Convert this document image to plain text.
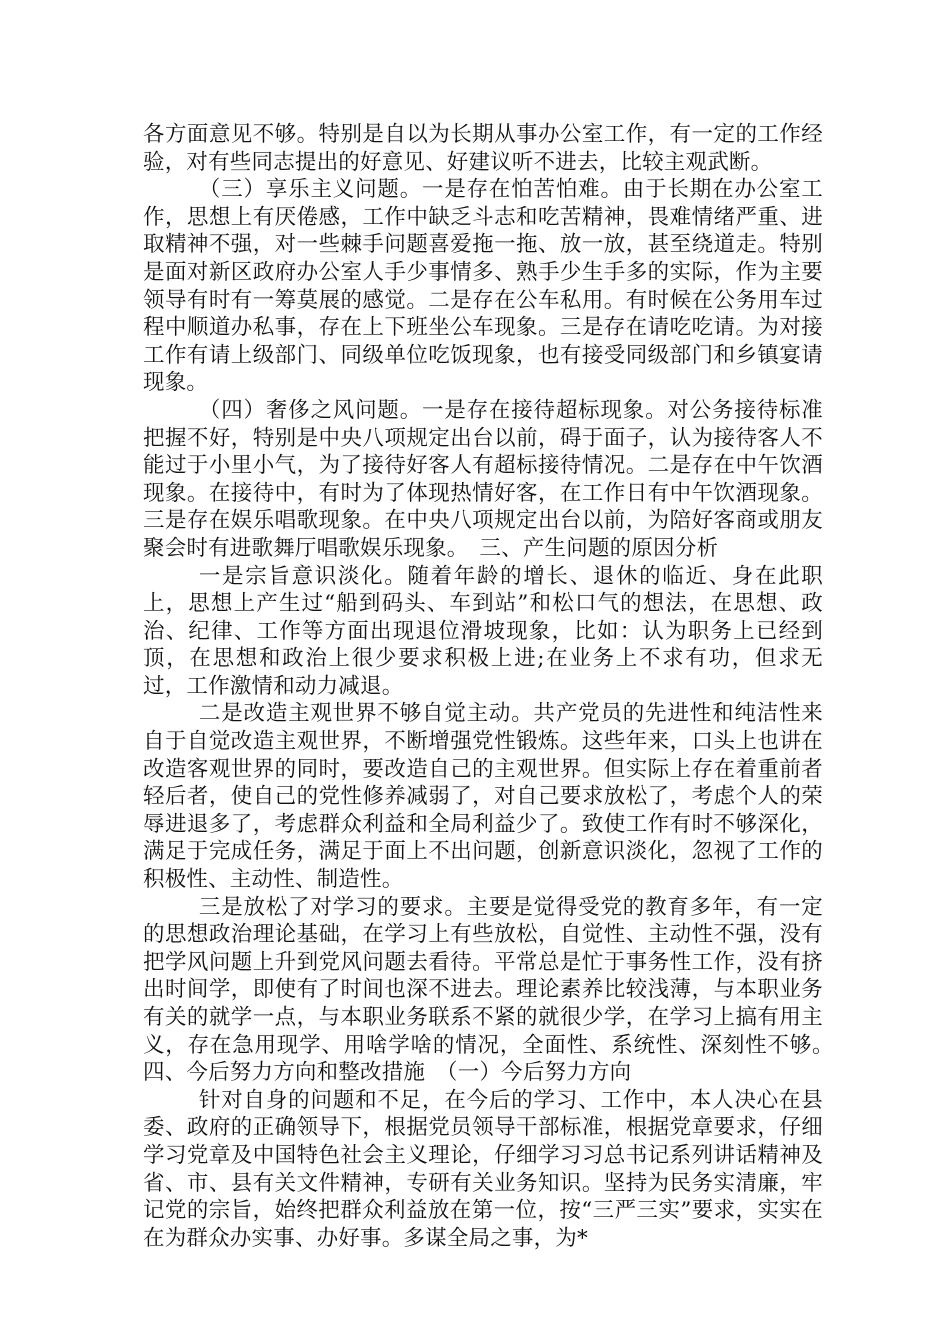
各方面意见不够。特别是自以为长期从事办公室工作，有一定的工作经验，对有些同志提出的好意见、好建议听不进去，比较主观武断。

（三）享乐主义问题。一是存在怕苦怕难。由于长期在办公室工作，思想上有厌倦感，工作中缺乏斗志和吃苦精神，畏难情绪严重、进取精神不强，对一些棘手问题喜爱拖一拖、放一放，甚至绕道走。特别是面对新区政府办公室人手少事情多、熟手少生手多的实际，作为主要领导有时有一筹莫展的感觉。二是存在公车私用。有时候在公务用车过程中顺道办私事，存在上下班坐公车现象。三是存在请吃吃请。为对接工作有请上级部门、同级单位吃饭现象，也有接受同级部门和乡镇宴请现象。

（四）奢侈之风问题。一是存在接待超标现象。对公务接待标准把握不好，特别是中央八项规定出台以前，碍于面子，认为接待客人不能过于小里小气，为了接待好客人有超标接待情况。二是存在中午饮酒现象。在接待中，有时为了体现热情好客，在工作日有中午饮酒现象。三是存在娱乐唱歌现象。在中央八项规定出台以前，为陪好客商或朋友聚会时有进歌舞厅唱歌娱乐现象。　三、产生问题的原因分析

一是宗旨意识淡化。随着年龄的增长、退休的临近、身在此职上，思想上产生过“船到码头、车到站”和松口气的想法，在思想、政治、纪律、工作等方面出现退位滑坡现象，比如：认为职务上已经到顶，在思想和政治上很少要求积极上进;在业务上不求有功，但求无过，工作激情和动力减退。

二是改造主观世界不够自觉主动。共产党员的先进性和纯洁性来自于自觉改造主观世界，不断增强党性锻炼。这些年来，口头上也讲在改造客观世界的同时，要改造自己的主观世界。但实际上存在着重前者轻后者，使自己的党性修养减弱了，对自己要求放松了，考虑个人的荣辱进退多了，考虑群众利益和全局利益少了。致使工作有时不够深化，满足于完成任务，满足于面上不出问题，创新意识淡化，忽视了工作的积极性、主动性、制造性。

三是放松了对学习的要求。主要是觉得受党的教育多年，有一定的思想政治理论基础，在学习上有些放松，自觉性、主动性不强，没有把学风问题上升到党风问题去看待。平常总是忙于事务性工作，没有挤出时间学，即使有了时间也深不进去。理论素养比较浅薄，与本职业务有关的就学一点，与本职业务联系不紧的就很少学，在学习上搞有用主义，存在急用现学、用啥学啥的情况，全面性、系统性、深刻性不够。　四、今后努力方向和整改措施　（一）今后努力方向

针对自身的问题和不足，在今后的学习、工作中，本人决心在县委、政府的正确领导下，根据党员领导干部标准，根据党章要求，仔细学习党章及中国特色社会主义理论，仔细学习习总书记系列讲话精神及省、市、县有关文件精神，专研有关业务知识。坚持为民务实清廉，牢记党的宗旨，始终把群众利益放在第一位，按“三严三实”要求，实实在在为群众办实事、办好事。多谋全局之事，为*
